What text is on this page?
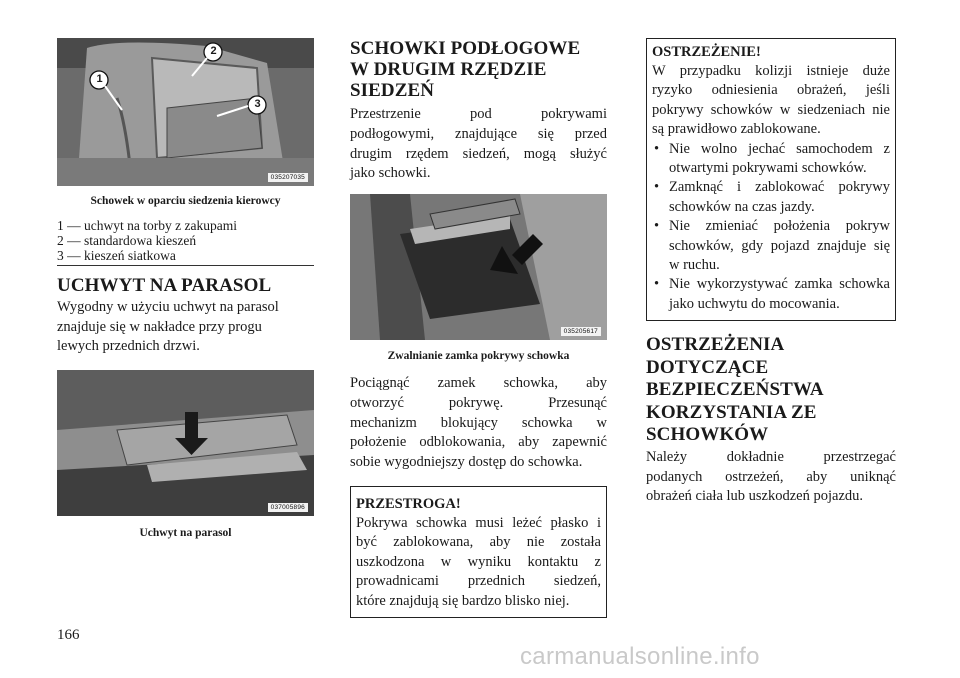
1
2
3
035207035
Schowek w oparciu siedzenia kierowcy
1 — uchwyt na torby z zakupami
2 — standardowa kieszeń
3 — kieszeń siatkowa
UCHWYT NA PARASOL

Wygodny w użyciu uchwyt na parasol
znajduje się w nakładce przy progu
lewych przednich drzwi.

037005896
Uchwyt na parasol
SCHOWKI PODŁOGOWE
W DRUGIM RZĘDZIE
SIEDZEŃ

Przestrzenie pod pokrywami
podłogowymi, znajdujące się przed
drugim rzędem siedzeń, mogą służyć
jako schowki.

035205617
Zwalnianie zamka pokrywy schowka

Pociągnąć zamek schowka, aby
otworzyć pokrywę. Przesunąć
mechanizm blokujący schowka w
położenie odblokowania, aby zapewnić
sobie wygodniejszy dostęp do schowka.

PRZESTROGA!

Pokrywa schowka musi leżeć płasko i
być zablokowana, aby nie została
uszkodzona w wyniku kontaktu z
prowadnicami przednich siedzeń,
które znajdują się bardzo blisko niej.

OSTRZEŻENIE!

W przypadku kolizji istnieje duże
ryzyko odniesienia obrażeń, jeśli
pokrywy schowków w siedzeniach nie
są prawidłowo zablokowane.

• Nie wolno jechać samochodem z
otwartymi pokrywami schowków.
• Zamknąć i zablokować pokrywy
schowków na czas jazdy.
• Nie zmieniać położenia pokryw
schowków, gdy pojazd znajduje się
w ruchu.
• Nie wykorzystywać zamka schowka
jako uchwytu do mocowania.
OSTRZEŻENIA
DOTYCZĄCE
BEZPIECZEŃSTWA
KORZYSTANIA ZE
SCHOWKÓW

Należy dokładnie przestrzegać
podanych ostrzeżeń, aby uniknąć
obrażeń ciała lub uszkodzeń pojazdu.

166
carmanualsonline.info
